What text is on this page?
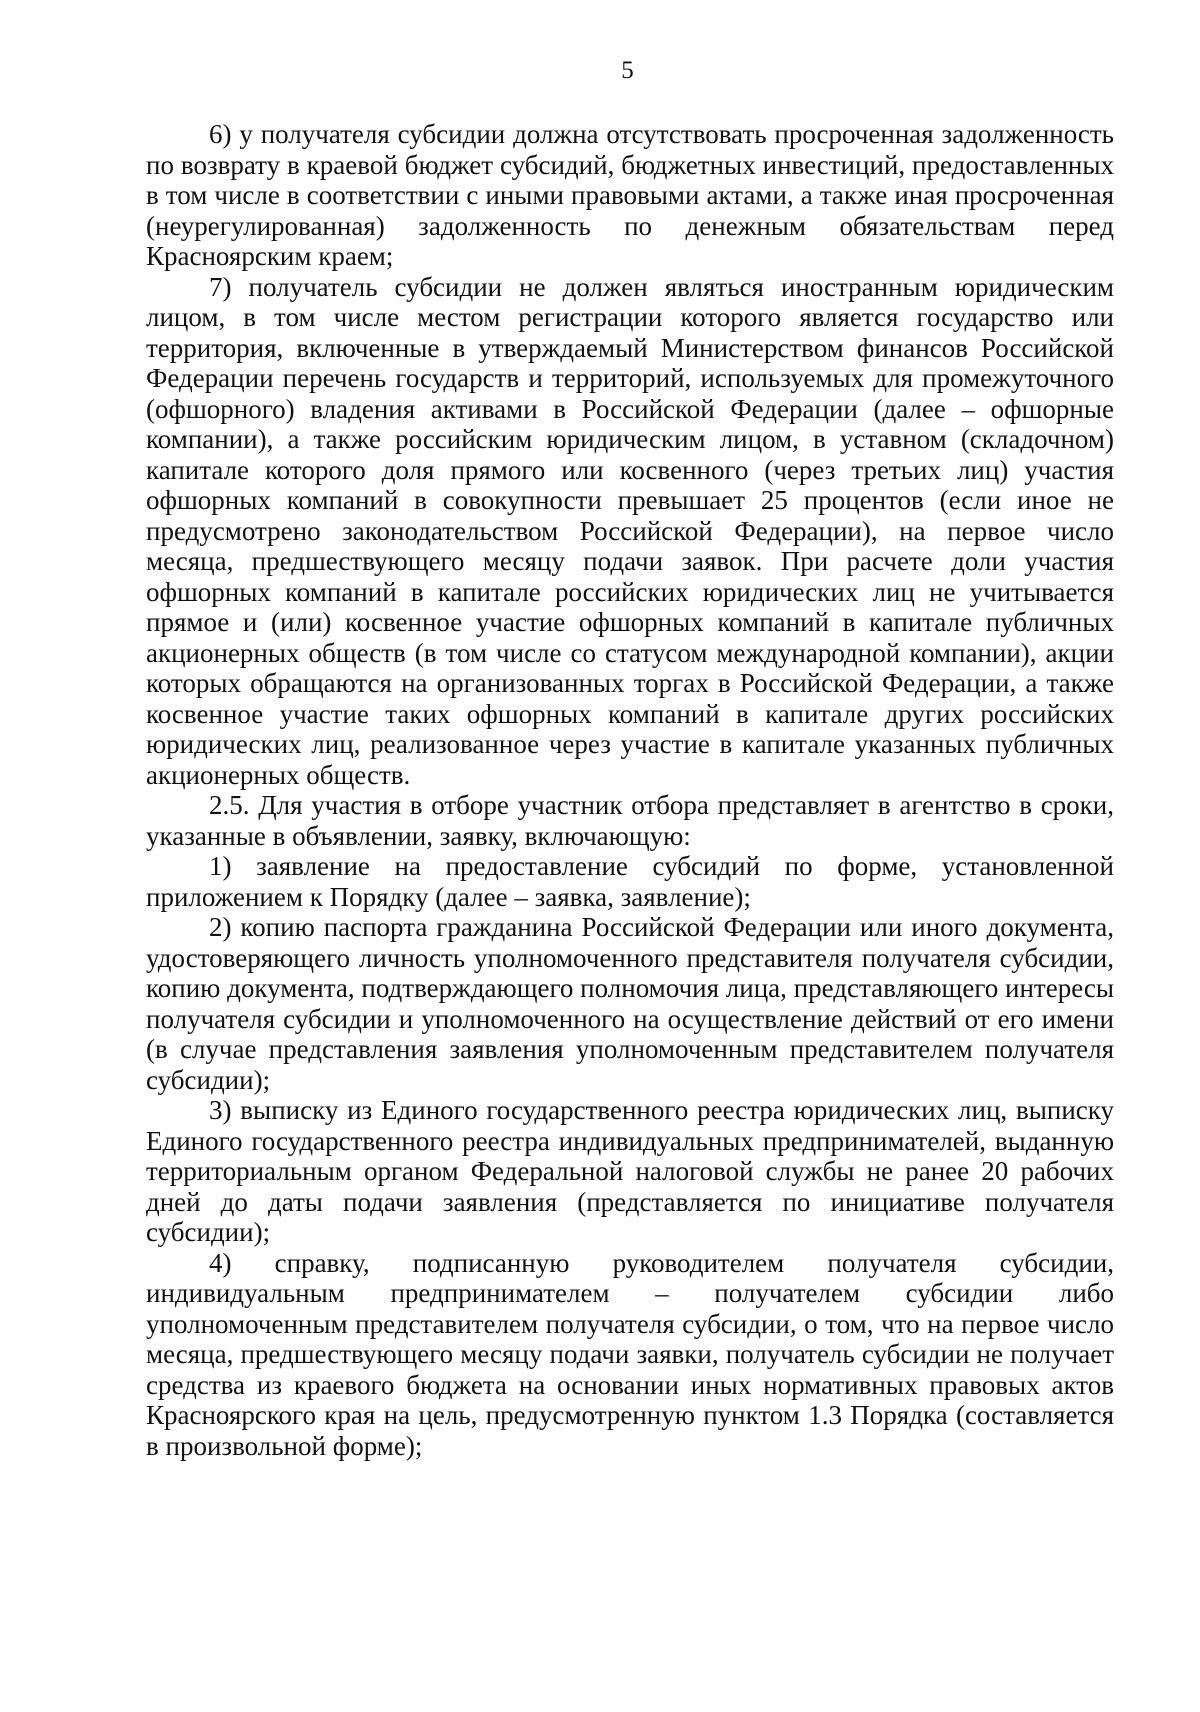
5

6) у получателя субсидии должна отсутствовать просроченная задолженность по возврату в краевой бюджет субсидий, бюджетных инвестиций, предоставленных в том числе в соответствии с иными правовыми актами, а также иная просроченная (неурегулированная) задолженность по денежным обязательствам перед Красноярским краем;

7) получатель субсидии не должен являться иностранным юридическим лицом, в том числе местом регистрации которого является государство или территория, включенные в утверждаемый Министерством финансов Российской Федерации перечень государств и территорий, используемых для промежуточного (офшорного) владения активами в Российской Федерации (далее – офшорные компании), а также российским юридическим лицом, в уставном (складочном) капитале которого доля прямого или косвенного (через третьих лиц) участия офшорных компаний в совокупности превышает 25 процентов (если иное не предусмотрено законодательством Российской Федерации), на первое число месяца, предшествующего месяцу подачи заявок. При расчете доли участия офшорных компаний в капитале российских юридических лиц не учитывается прямое и (или) косвенное участие офшорных компаний в капитале публичных акционерных обществ (в том числе со статусом международной компании), акции которых обращаются на организованных торгах в Российской Федерации, а также косвенное участие таких офшорных компаний в капитале других российских юридических лиц, реализованное через участие в капитале указанных публичных акционерных обществ.

2.5. Для участия в отборе участник отбора представляет в агентство в сроки, указанные в объявлении, заявку, включающую:

1) заявление на предоставление субсидий по форме, установленной приложением к Порядку (далее – заявка, заявление);

2) копию паспорта гражданина Российской Федерации или иного документа, удостоверяющего личность уполномоченного представителя получателя субсидии, копию документа, подтверждающего полномочия лица, представляющего интересы получателя субсидии и уполномоченного на осуществление действий от его имени (в случае представления заявления уполномоченным представителем получателя субсидии);

3) выписку из Единого государственного реестра юридических лиц, выписку Единого государственного реестра индивидуальных предпринимателей, выданную территориальным органом Федеральной налоговой службы не ранее 20 рабочих дней до даты подачи заявления (представляется по инициативе получателя субсидии);

4) справку, подписанную руководителем получателя субсидии, индивидуальным предпринимателем – получателем субсидии либо уполномоченным представителем получателя субсидии, о том, что на первое число месяца, предшествующего месяцу подачи заявки, получатель субсидии не получает средства из краевого бюджета на основании иных нормативных правовых актов Красноярского края на цель, предусмотренную пунктом 1.3 Порядка (составляется в произвольной форме);
